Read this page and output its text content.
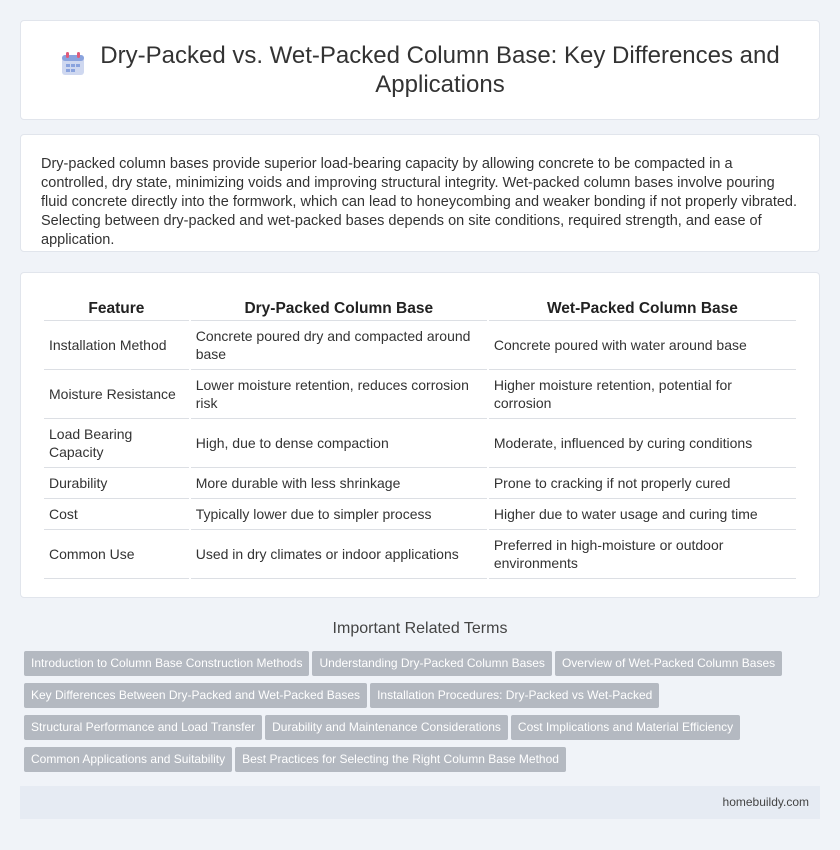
Dry-Packed vs. Wet-Packed Column Base: Key Differences and Applications

Dry-packed column bases provide superior load-bearing capacity by allowing concrete to be compacted in a controlled, dry state, minimizing voids and improving structural integrity. Wet-packed column bases involve pouring fluid concrete directly into the formwork, which can lead to honeycombing and weaker bonding if not properly vibrated. Selecting between dry-packed and wet-packed bases depends on site conditions, required strength, and ease of application.

Feature	Dry-Packed Column Base	Wet-Packed Column Base
Installation Method	Concrete poured dry and compacted around base	Concrete poured with water around base
Moisture Resistance	Lower moisture retention, reduces corrosion risk	Higher moisture retention, potential for corrosion
Load Bearing Capacity	High, due to dense compaction	Moderate, influenced by curing conditions
Durability	More durable with less shrinkage	Prone to cracking if not properly cured
Cost	Typically lower due to simpler process	Higher due to water usage and curing time
Common Use	Used in dry climates or indoor applications	Preferred in high-moisture or outdoor environments
Important Related Terms
Introduction to Column Base Construction Methods Understanding Dry-Packed Column Bases Overview of Wet-Packed Column Bases
Key Differences Between Dry-Packed and Wet-Packed Bases Installation Procedures: Dry-Packed vs Wet-Packed
Structural Performance and Load Transfer Durability and Maintenance Considerations Cost Implications and Material Efficiency
Common Applications and Suitability Best Practices for Selecting the Right Column Base Method
homebuildy.com
